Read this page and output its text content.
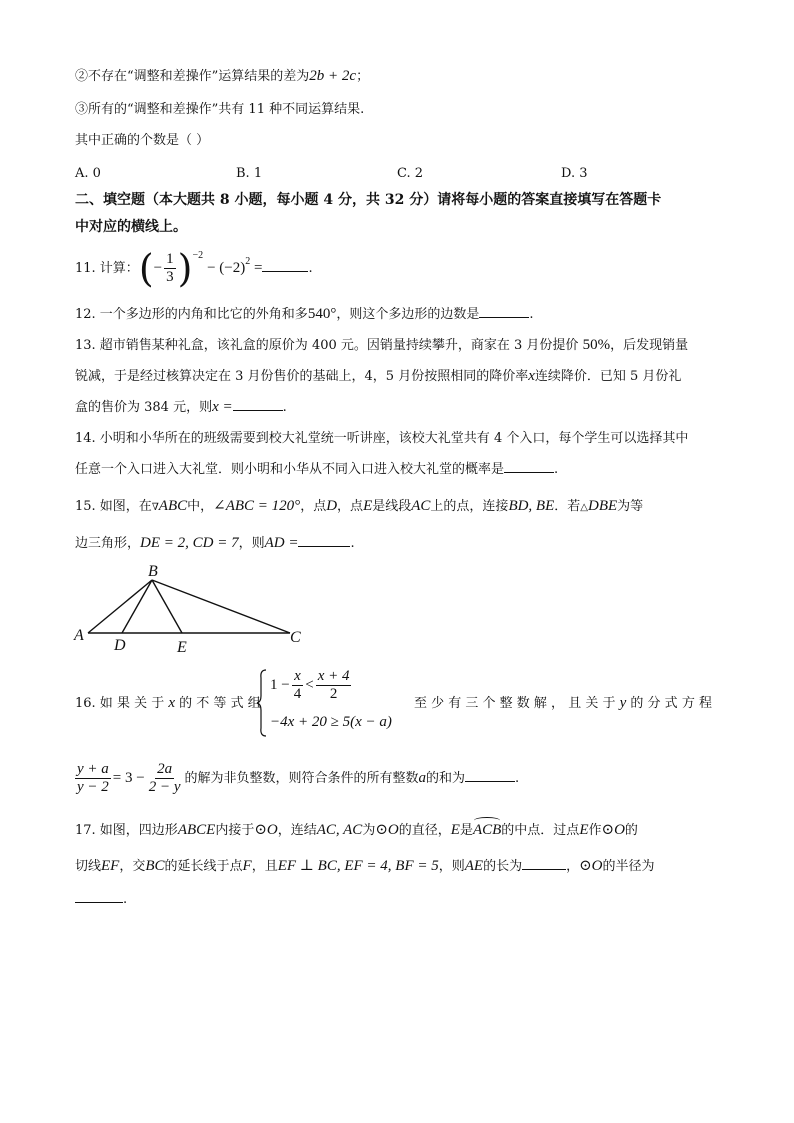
②不存在“调整和差操作”运算结果的差为2b + 2c；
③所有的“调整和差操作”共有 11 种不同运算结果.
其中正确的个数是（ ）
A. 0	B. 1	C. 2	D. 3
二、填空题（本大题共 8 小题，每小题 4 分，共 32 分）请将每小题的答案直接填写在答题卡
中对应的横线上。
11. 计算：(− $\frac{1}{3} )^{-2}- (-2)^2$ =	.
12. 一个多边形的内角和比它的外角和多540°，则这个多边形的边数是	.
13. 超市销售某种礼盒，该礼盒的原价为 400 元。因销量持续攀升，商家在 3 月份提价 50%，后发现销量
锐减，于是经过核算决定在 3 月份售价的基础上，4，5 月份按照相同的降价率x连续降价．已知 5 月份礼
盒的售价为 384 元，则x =	.
14. 小明和小华所在的班级需要到校大礼堂统一听讲座，该校大礼堂共有 4 个入口，每个学生可以选择其中
任意一个入口进入大礼堂．则小明和小华从不同入口进入校大礼堂的概率是	.
15. 如图，在∇ABC中，∠ABC = 120°，点D，点E是线段AC上的点，连接BD, BE．若△DBE为等
边三角形，DE = 2, CD = 7，则AD =	.
A
B
C
D	E
16. 如 果 关 于 x 的 不 等 式 组
$1 - \frac{x}{4} < \frac{x + 4}{2}$
−4x + 20 ≥ 5(x − a)
至 少 有 三 个 整 数 解 ， 且 关 于 y 的 分 式 方 程
$\frac{y + a}{y - 2} = 3 - \frac{2a}{2 - y}$ 的解为非负整数，则符合条件的所有整数a的和为	.
17. 如图，四边形ABCE内接于⊙O，连结AC, AC为⊙O的直径，E是ACB的中点．过点E作⊙O的
切线EF，交BC的延长线于点F，且EF ⊥ BC, EF = 4, BF = 5，则AE的长为	，⊙O的半径为
.
